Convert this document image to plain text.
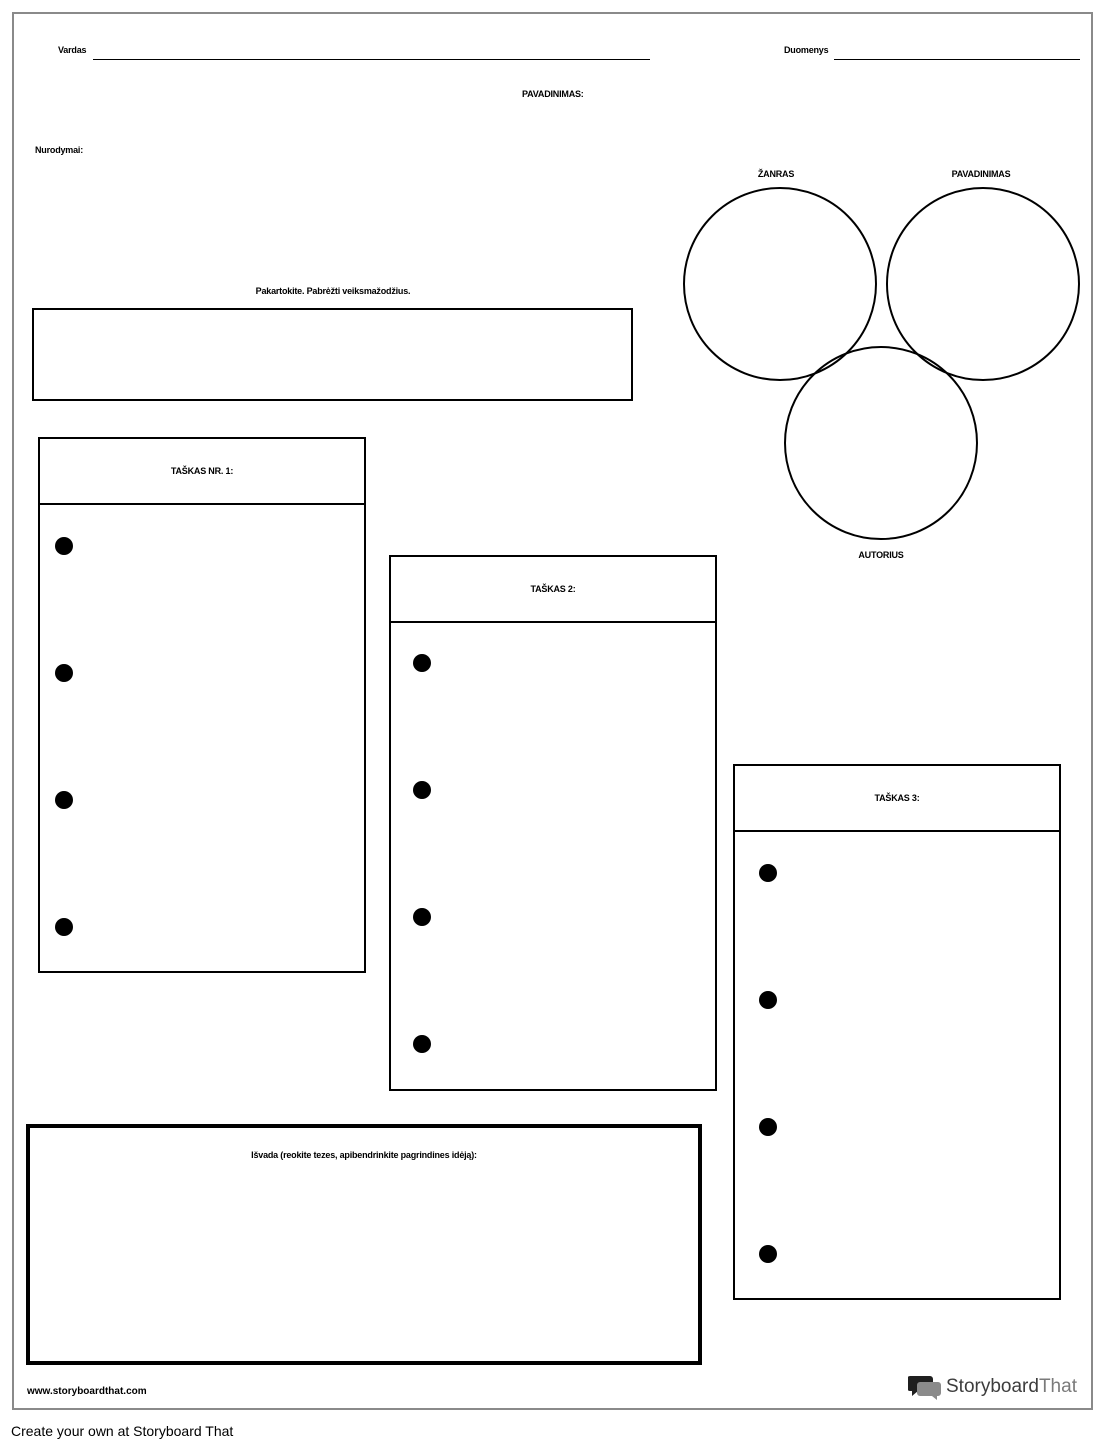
Vardas	Duomenys
PAVADINIMAS:
Nurodymai:
Pakartokite. Pabrėžti veiksmažodžius.
ŽANRAS	PAVADINIMAS
AUTORIUS
TAŠKAS NR. 1:
TAŠKAS 2:
TAŠKAS 3:
Išvada (reokite tezes, apibendrinkite pagrindines idėją):
www.storyboardthat.com	StoryboardThat
Create your own at Storyboard That
